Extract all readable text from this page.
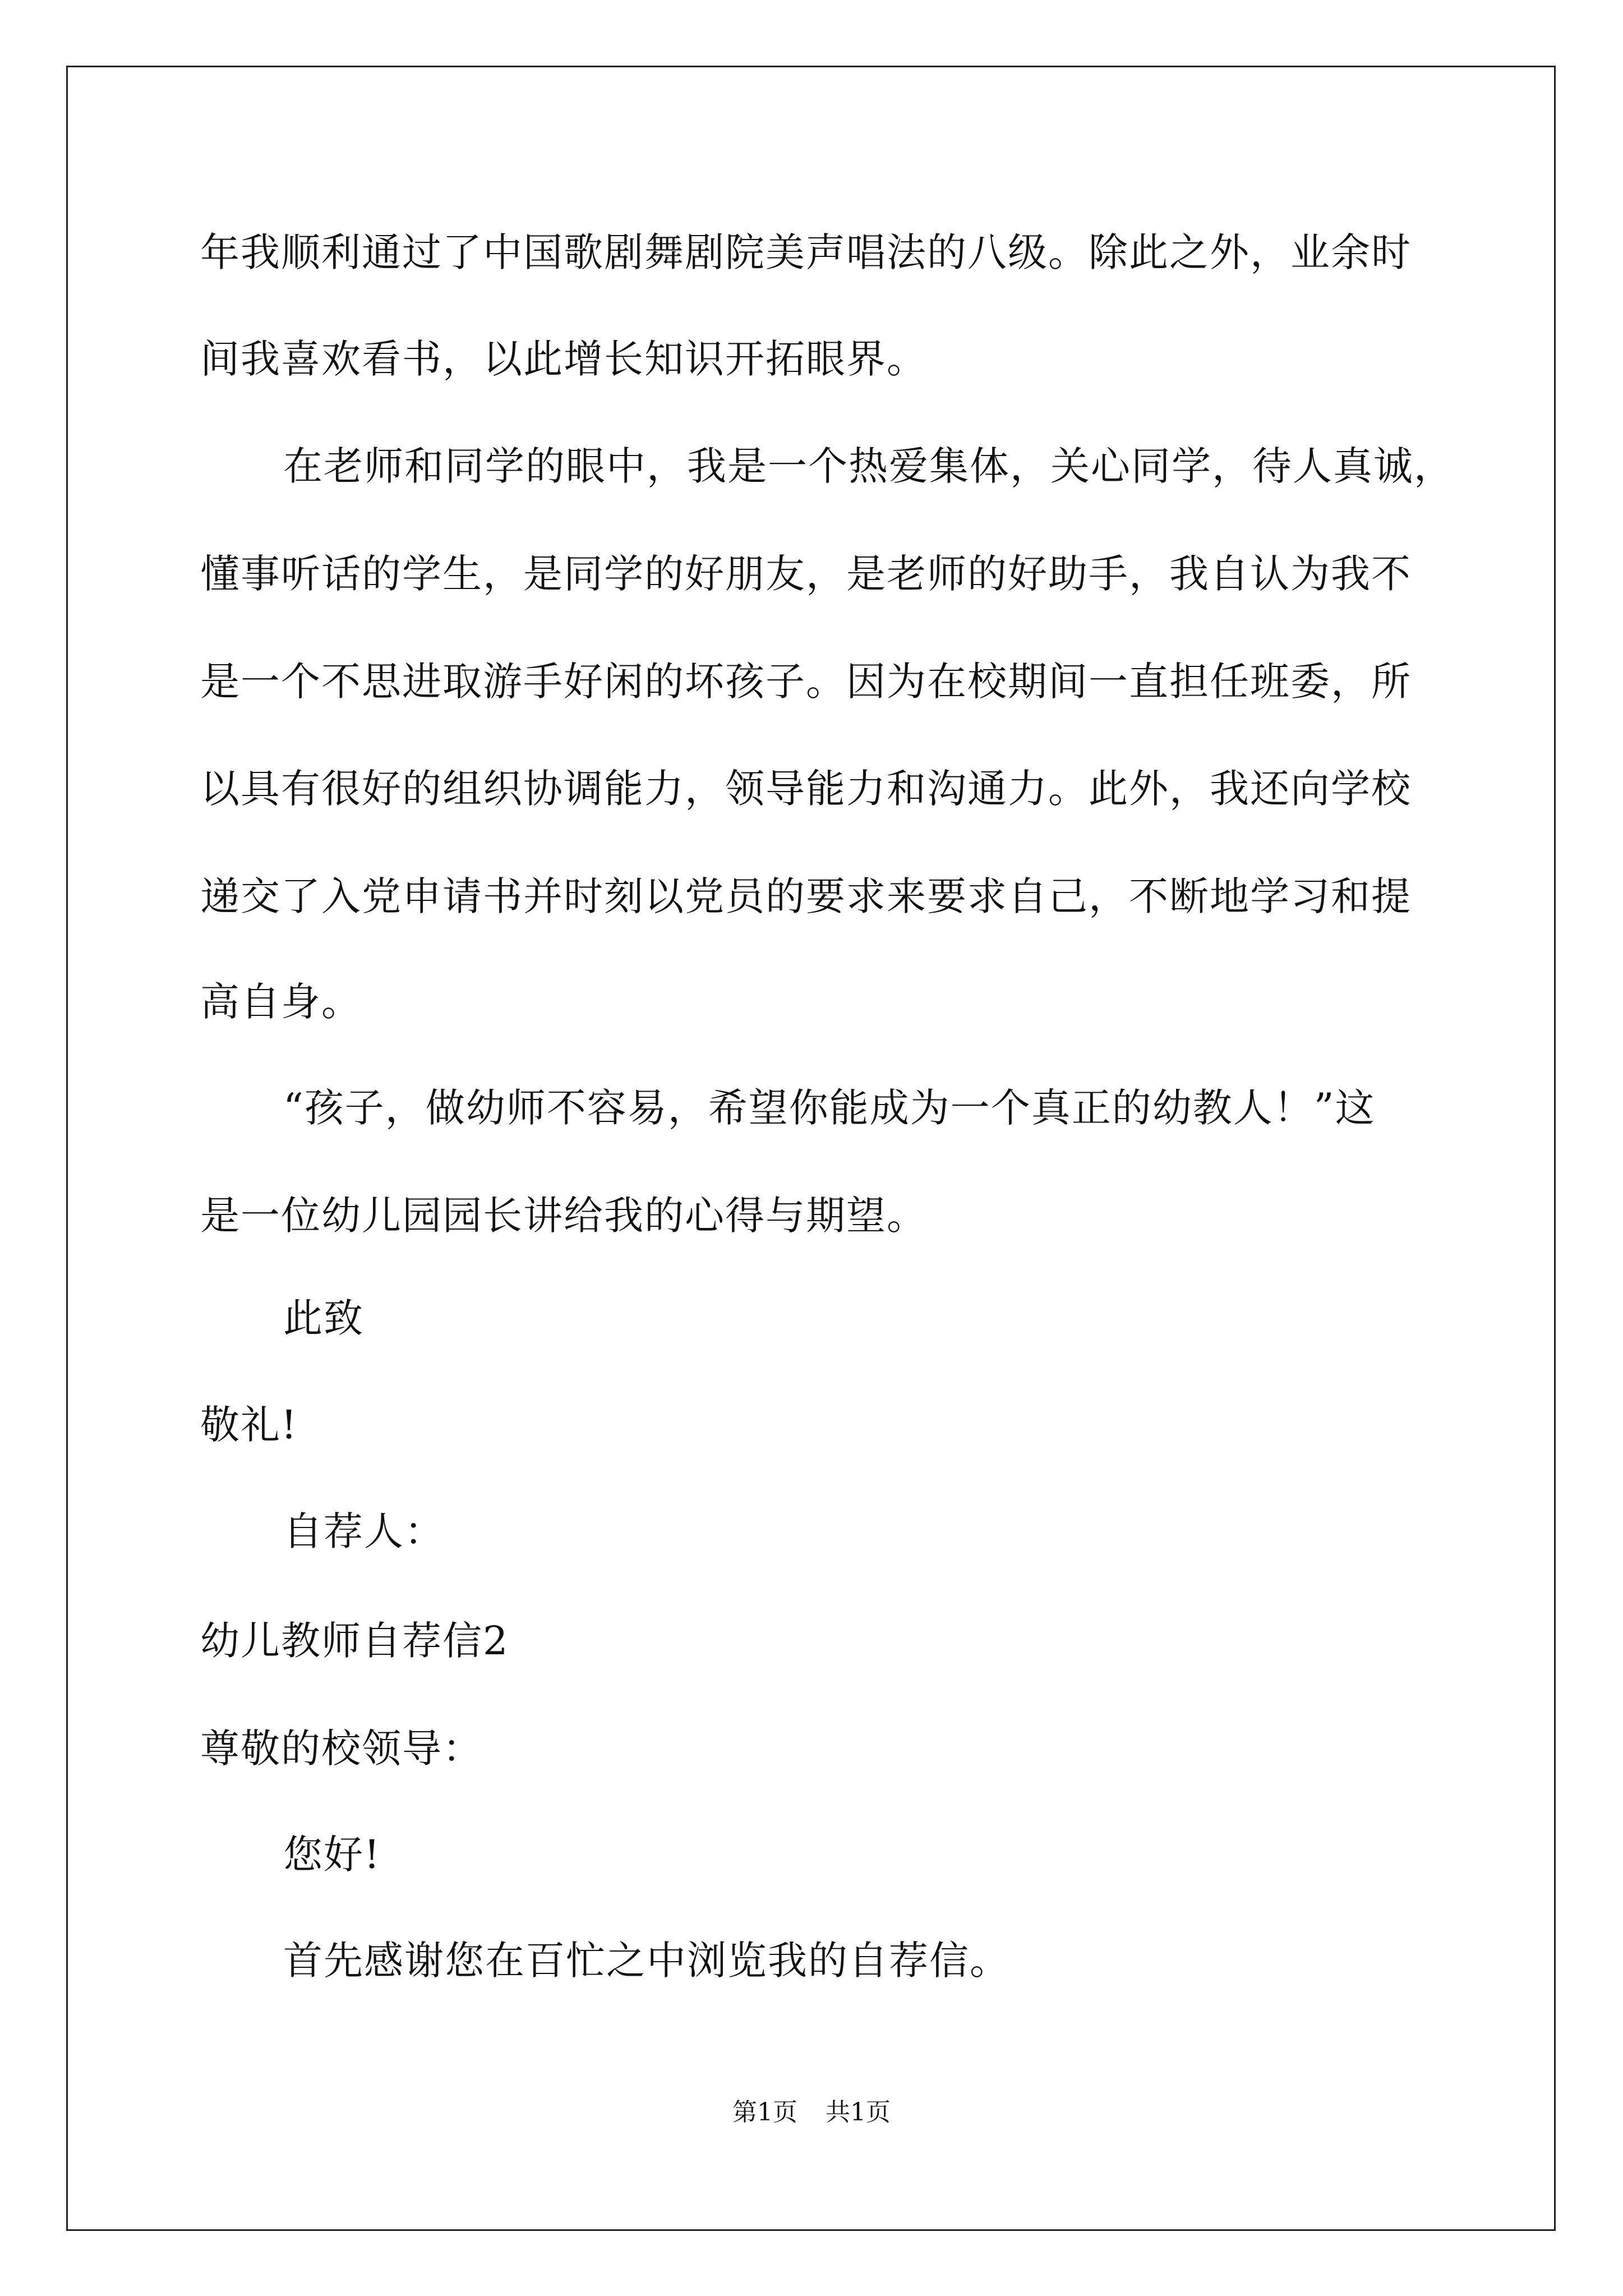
年我顺利通过了中国歌剧舞剧院美声唱法的八级。除此之外，业余时
间我喜欢看书，以此增长知识开拓眼界。
在老师和同学的眼中，我是一个热爱集体，关心同学，待人真诚，
懂事听话的学生，是同学的好朋友，是老师的好助手，我自认为我不
是一个不思进取游手好闲的坏孩子。因为在校期间一直担任班委，所
以具有很好的组织协调能力，领导能力和沟通力。此外，我还向学校
递交了入党申请书并时刻以党员的要求来要求自己，不断地学习和提
高自身。
“孩子，做幼师不容易，希望你能成为一个真正的幼教人！”这
是一位幼儿园园长讲给我的心得与期望。
此致
敬礼!
自荐人：
幼儿教师自荐信2
尊敬的校领导：
您好!
首先感谢您在百忙之中浏览我的自荐信。
第1页 共1页
